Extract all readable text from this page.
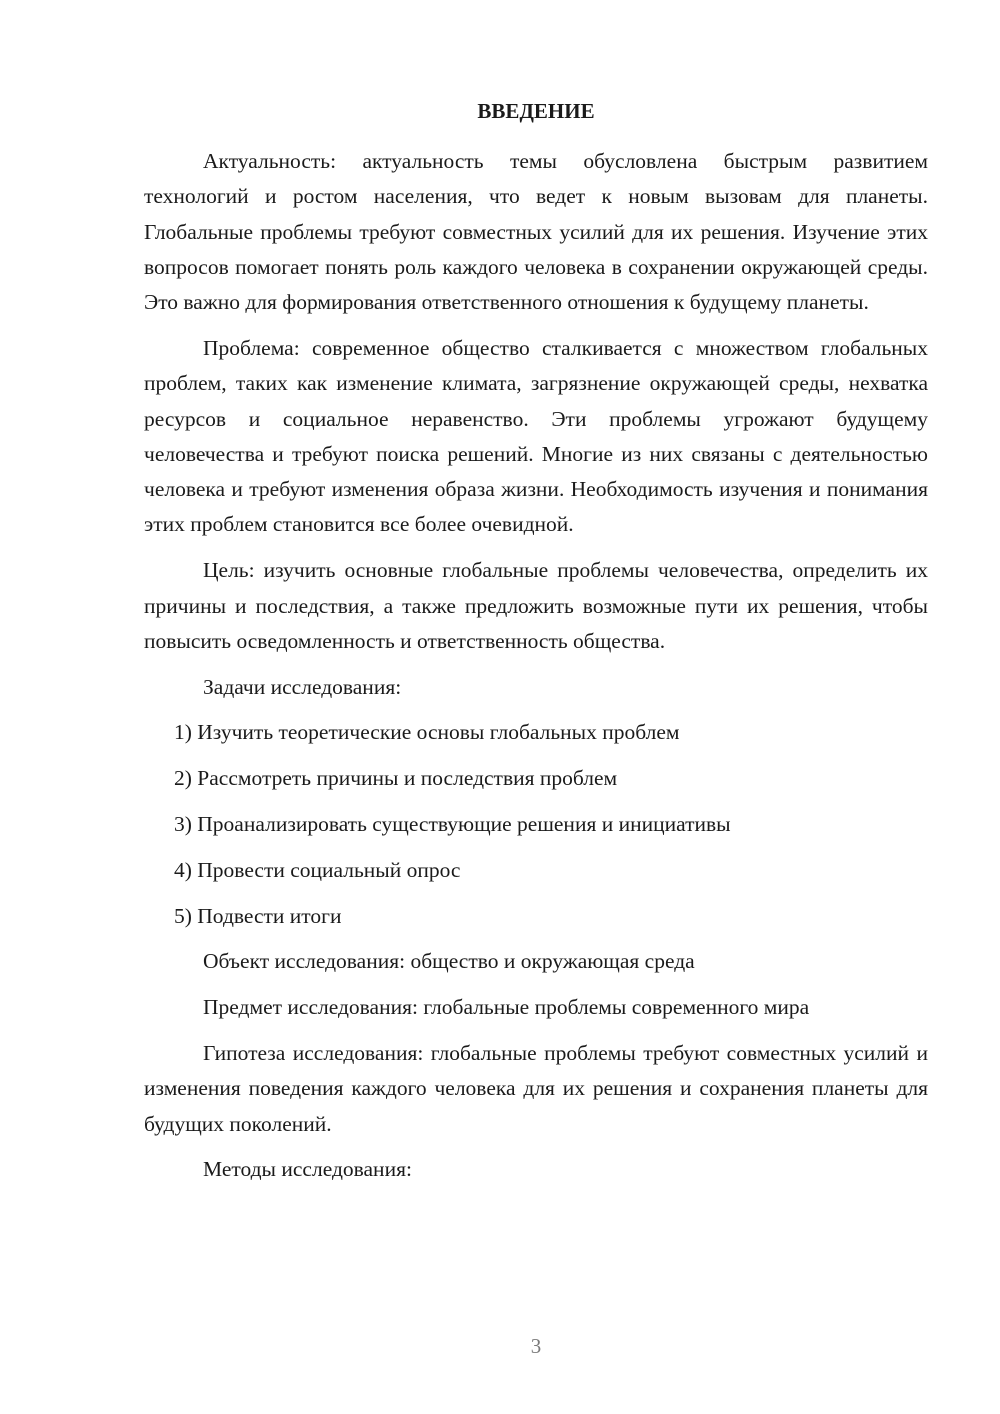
ВВЕДЕНИЕ

Актуальность: актуальность темы обусловлена быстрым развитием технологий и ростом населения, что ведет к новым вызовам для планеты. Глобальные проблемы требуют совместных усилий для их решения. Изучение этих вопросов помогает понять роль каждого человека в сохранении окружающей среды. Это важно для формирования ответственного отношения к будущему планеты.

Проблема: современное общество сталкивается с множеством глобальных проблем, таких как изменение климата, загрязнение окружающей среды, нехватка ресурсов и социальное неравенство. Эти проблемы угрожают будущему человечества и требуют поиска решений. Многие из них связаны с деятельностью человека и требуют изменения образа жизни. Необходимость изучения и понимания этих проблем становится все более очевидной.

Цель: изучить основные глобальные проблемы человечества, определить их причины и последствия, а также предложить возможные пути их решения, чтобы повысить осведомленность и ответственность общества.

Задачи исследования:

1) Изучить теоретические основы глобальных проблем

2) Рассмотреть причины и последствия проблем

3) Проанализировать существующие решения и инициативы

4) Провести социальный опрос

5) Подвести итоги

Объект исследования: общество и окружающая среда

Предмет исследования: глобальные проблемы современного мира

Гипотеза исследования: глобальные проблемы требуют совместных усилий и изменения поведения каждого человека для их решения и сохранения планеты для будущих поколений.

Методы исследования:

3
